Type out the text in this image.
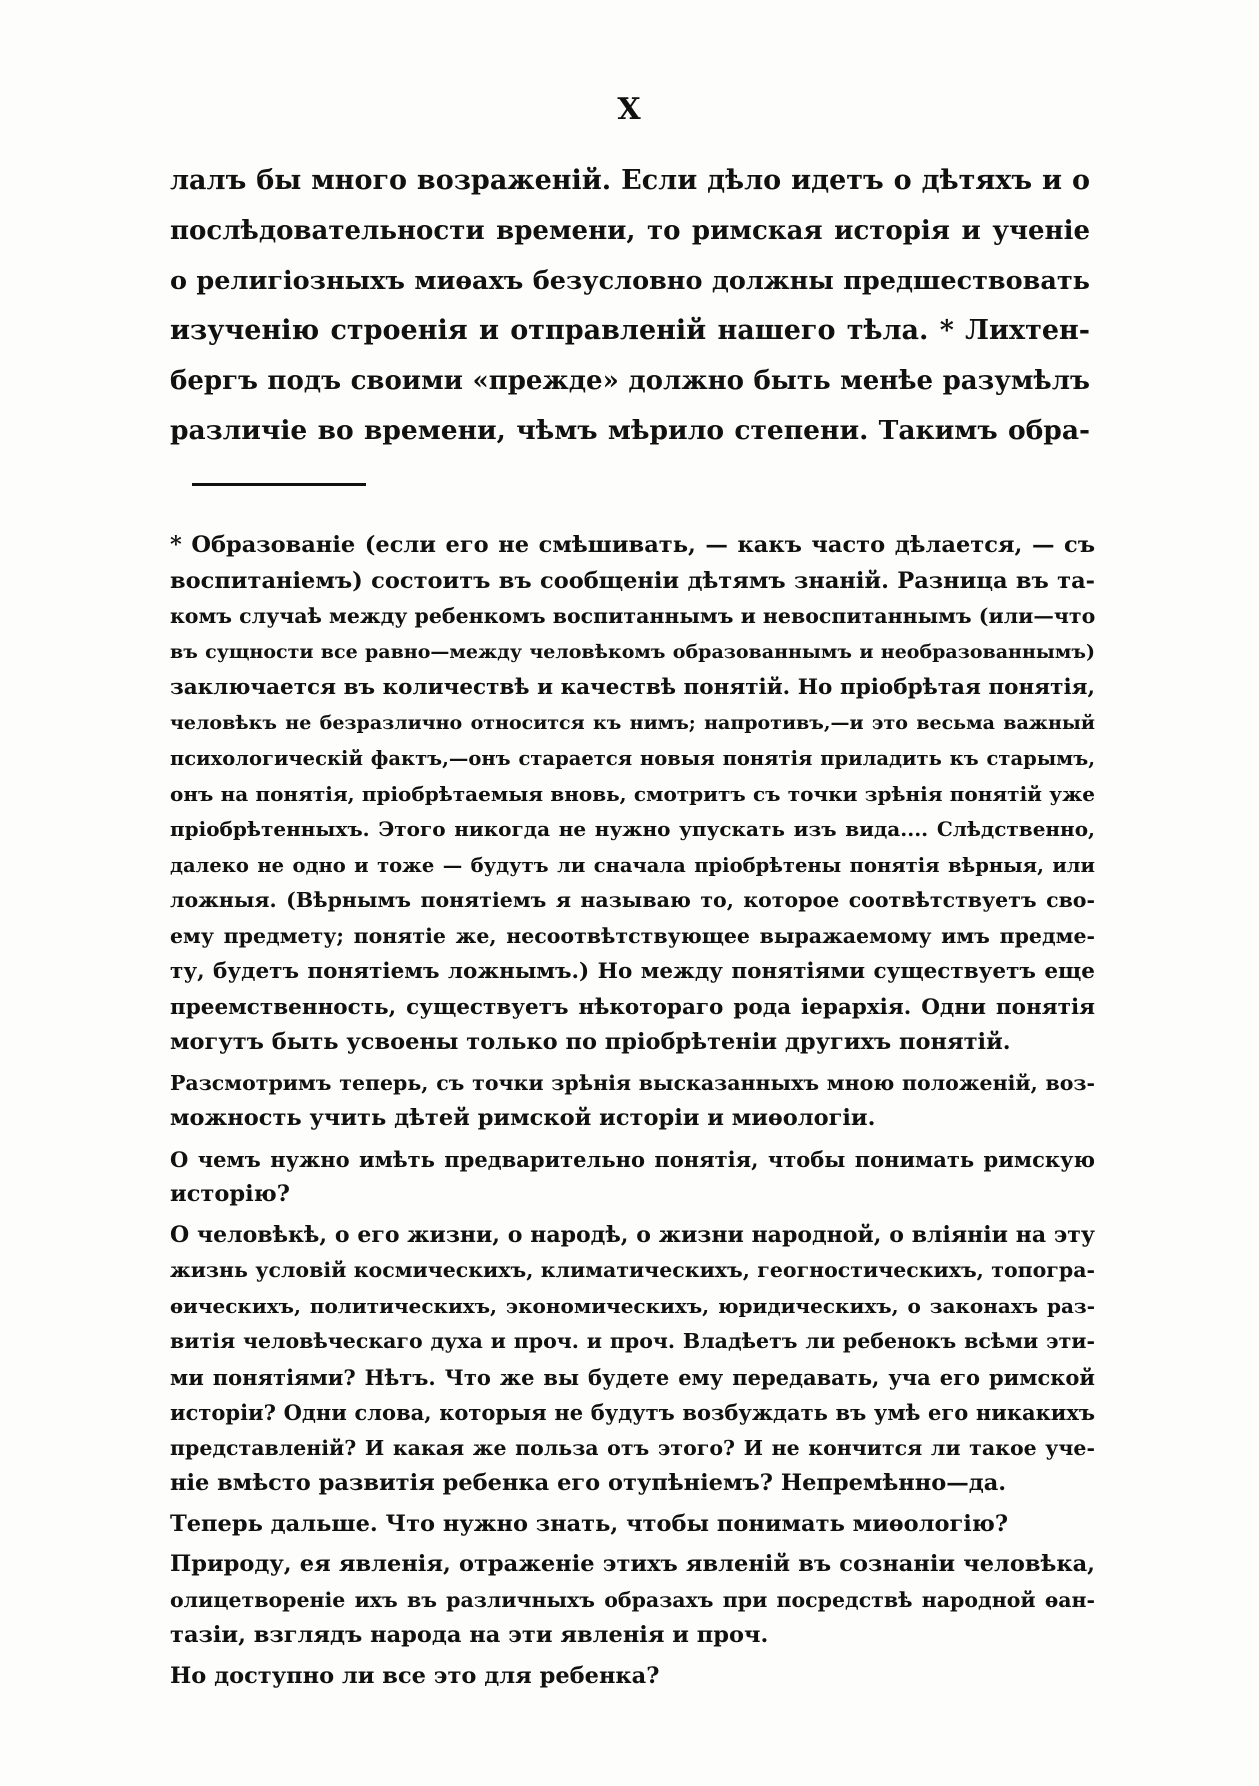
X
лалъ бы много возраженій. Если дѣло идетъ о дѣтяхъ и о
послѣдовательности времени, то римская исторія и ученіе
о религіозныхъ миѳахъ безусловно должны предшествовать
изученію строенія и отправленій нашего тѣла. * Лихтен-
бергъ подъ своими «прежде» должно быть менѣе разумѣлъ
различіе во времени, чѣмъ мѣрило степени. Такимъ обра-
* Образованіе (если его не смѣшивать, — какъ часто дѣлается, — съ
воспитаніемъ) состоитъ въ сообщеніи дѣтямъ знаній. Разница въ та-
комъ случаѣ между ребенкомъ воспитаннымъ и невоспитаннымъ (или—что
въ сущности все равно—между человѣкомъ образованнымъ и необразованнымъ)
заключается въ количествѣ и качествѣ понятій. Но пріобрѣтая понятія,
человѣкъ не безразлично относится къ нимъ; напротивъ,—и это весьма важный
психологическій фактъ,—онъ старается новыя понятія приладить къ старымъ,
онъ на понятія, пріобрѣтаемыя вновь, смотритъ съ точки зрѣнія понятій уже
пріобрѣтенныхъ. Этого никогда не нужно упускать изъ вида.... Слѣдственно,
далеко не одно и тоже — будутъ ли сначала пріобрѣтены понятія вѣрныя, или
ложныя. (Вѣрнымъ понятіемъ я называю то, которое соотвѣтствуетъ сво-
ему предмету; понятіе же, несоотвѣтствующее выражаемому имъ предме-
ту, будетъ понятіемъ ложнымъ.) Но между понятіями существуетъ еще
преемственность, существуетъ нѣкотораго рода іерархія. Одни понятія
могутъ быть усвоены только по пріобрѣтеніи другихъ понятій.
Разсмотримъ теперь, съ точки зрѣнія высказанныхъ мною положеній, воз-
можность учить дѣтей римской исторіи и миѳологіи.
О чемъ нужно имѣть предварительно понятія, чтобы понимать римскую
исторію?
О человѣкѣ, о его жизни, о народѣ, о жизни народной, о вліяніи на эту
жизнь условій космическихъ, климатическихъ, геогностическихъ, топогра-
ѳическихъ, политическихъ, экономическихъ, юридическихъ, о законахъ раз-
витія человѣческаго духа и проч. и проч. Владѣетъ ли ребенокъ всѣми эти-
ми понятіями? Нѣтъ. Что же вы будете ему передавать, уча его римской
исторіи? Одни слова, которыя не будутъ возбуждать въ умѣ его никакихъ
представленій? И какая же польза отъ этого? И не кончится ли такое уче-
ніе вмѣсто развитія ребенка его отупѣніемъ? Непремѣнно—да.
Теперь дальше. Что нужно знать, чтобы понимать миѳологію?
Природу, ея явленія, отраженіе этихъ явленій въ сознаніи человѣка,
олицетвореніе ихъ въ различныхъ образахъ при посредствѣ народной ѳан-
тазіи, взглядъ народа на эти явленія и проч.
Но доступно ли все это для ребенка?
